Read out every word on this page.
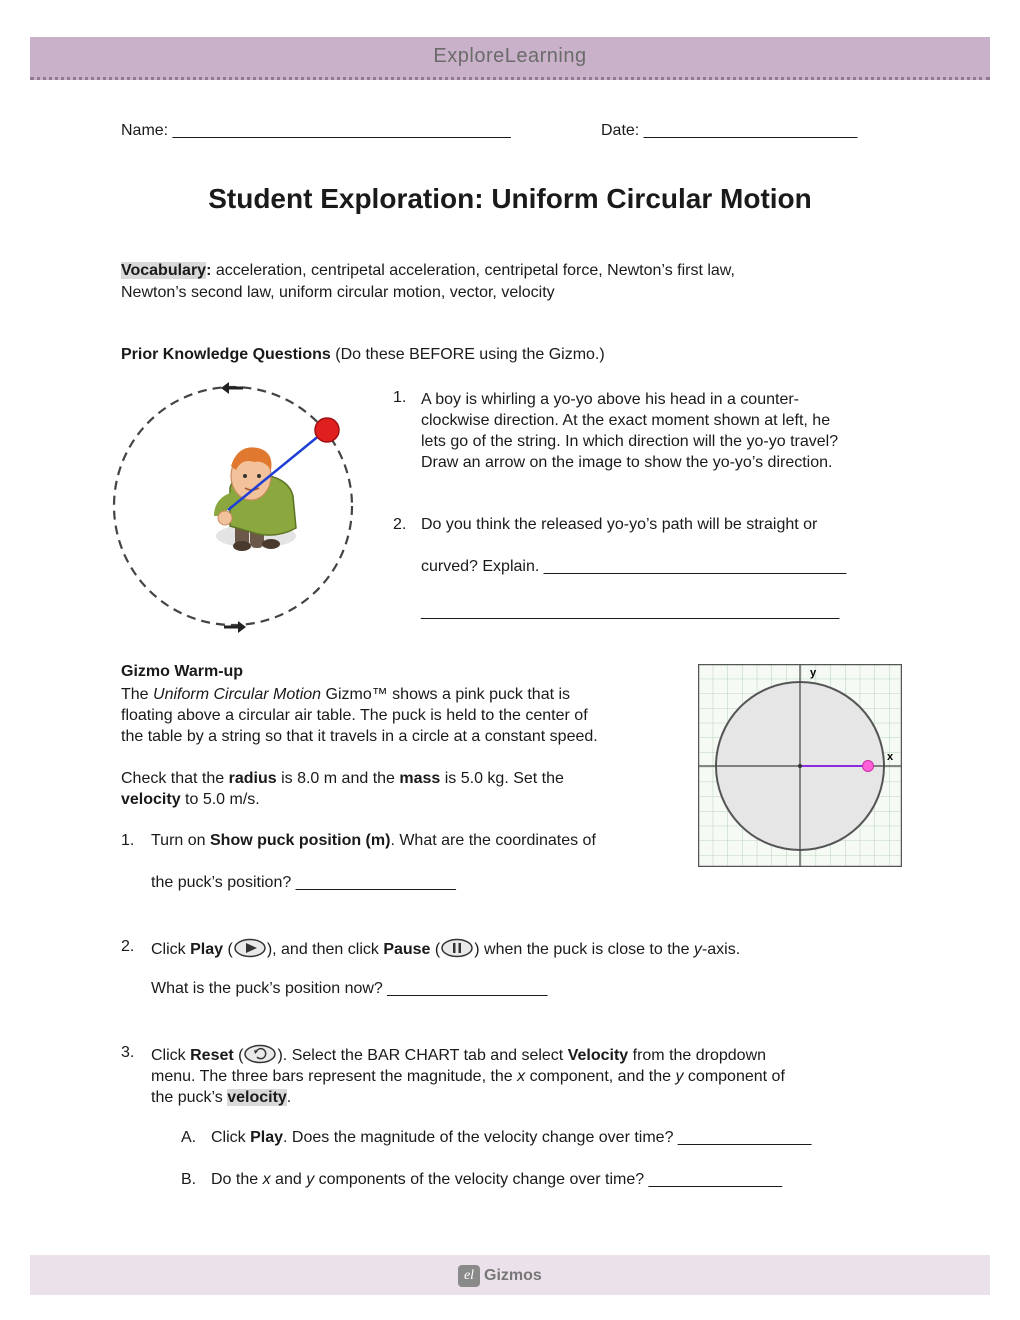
ExploreLearning
Name: ______________________________________	Date: ________________________
Student Exploration: Uniform Circular Motion
Vocabulary: acceleration, centripetal acceleration, centripetal force, Newton’s first law,
Newton’s second law, uniform circular motion, vector, velocity
Prior Knowledge Questions (Do these BEFORE using the Gizmo.)
1. A boy is whirling a yo-yo above his head in a counter-
clockwise direction. At the exact moment shown at left, he
lets go of the string. In which direction will the yo-yo travel?
Draw an arrow on the image to show the yo-yo’s direction.
2. Do you think the released yo-yo’s path will be straight or
curved? Explain. __________________________________
_______________________________________________
Gizmo Warm-up
The Uniform Circular Motion Gizmo™ shows a pink puck that is
floating above a circular air table. The puck is held to the center of
the table by a string so that it travels in a circle at a constant speed.
Check that the radius is 8.0 m and the mass is 5.0 kg. Set the
velocity to 5.0 m/s.
y
x
1. Turn on Show puck position (m). What are the coordinates of
the puck’s position? __________________
2. Click Play ( ), and then click Pause ( ) when the puck is close to the y-axis.
What is the puck’s position now? __________________
3. Click Reset ( ). Select the BAR CHART tab and select Velocity from the dropdown
menu. The three bars represent the magnitude, the x component, and the y component of
the puck’s velocity.
A. Click Play. Does the magnitude of the velocity change over time? _______________
B. Do the x and y components of the velocity change over time? _______________
el Gizmos
